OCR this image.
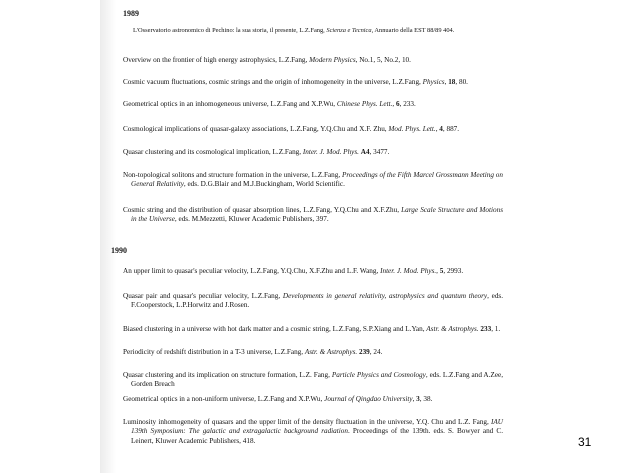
1989
L'Osservatorio astronomico di Pechino: la sua storia, il presente, L.Z.Fang, Scienza e Tecnica, Annuario della EST 88/89 404.
Overview on the frontier of high energy astrophysics, L.Z.Fang, Modern Physics, No.1, 5, No.2, 10.
Cosmic vacuum fluctuations, cosmic strings and the origin of inhomogeneity in the universe, L.Z.Fang, Physics, 18, 80.
Geometrical optics in an inhomogeneous universe, L.Z.Fang and X.P.Wu, Chinese Phys. Lett., 6, 233.
Cosmological implications of quasar-galaxy associations, L.Z.Fang, Y.Q.Chu and X.F. Zhu, Mod. Phys. Lett., 4, 887.
Quasar clustering and its cosmological implication, L.Z.Fang, Inter. J. Mod. Phys. A4, 3477.
Non-topological solitons and structure formation in the universe, L.Z.Fang, Proceedings of the Fifth Marcel Grossmann Meeting on General Relativity, eds. D.G.Blair and M.J.Buckingham, World Scientific.
Cosmic string and the distribution of quasar absorption lines, L.Z.Fang, Y.Q.Chu and X.F.Zhu, Large Scale Structure and Motions in the Universe, eds. M.Mezzetti, Kluwer Academic Publishers, 397.
1990
An upper limit to quasar's peculiar velocity, L.Z.Fang, Y.Q.Chu, X.F.Zhu and L.F. Wang, Inter. J. Mod. Phys., 5, 2993.
Quasar pair and quasar's peculiar velocity, L.Z.Fang, Developments in general relativity, astrophysics and quantum theory, eds. F.Cooperstock, L.P.Horwitz and J.Rosen.
Biased clustering in a universe with hot dark matter and a cosmic string, L.Z.Fang, S.P.Xiang and L.Yan, Astr. & Astrophys. 233, 1.
Periodicity of redshift distribution in a T-3 universe, L.Z.Fang, Astr. & Astrophys. 239, 24.
Quasar clustering and its implication on structure formation, L.Z. Fang, Particle Physics and Cosmology, eds. L.Z.Fang and A.Zee, Gorden Breach
Geometrical optics in a non-uniform universe, L.Z.Fang and X.P.Wu, Journal of Qingdao University, 3, 38.
Luminosity inhomogeneity of quasars and the upper limit of the density fluctuation in the universe, Y.Q. Chu and L.Z. Fang, IAU 139th Symposium: The galactic and extragalactic background radiation. Proceedings of the 139th. eds. S. Bowyer and C. Leinert, Kluwer Academic Publishers, 418.	31
